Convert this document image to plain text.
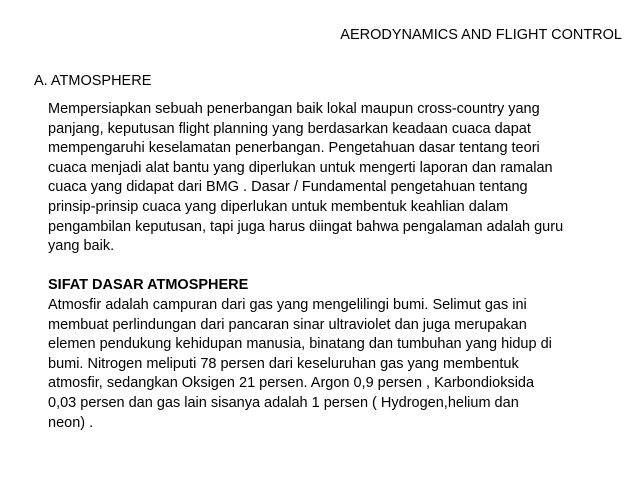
AERODYNAMICS AND FLIGHT CONTROL
A. ATMOSPHERE
Mempersiapkan sebuah penerbangan baik lokal maupun cross-country yang
panjang, keputusan flight planning yang berdasarkan keadaan cuaca dapat
mempengaruhi keselamatan penerbangan. Pengetahuan dasar tentang teori
cuaca menjadi alat bantu yang diperlukan untuk mengerti laporan dan ramalan
cuaca yang didapat dari BMG . Dasar / Fundamental pengetahuan tentang
prinsip-prinsip cuaca yang diperlukan untuk membentuk keahlian dalam
pengambilan keputusan, tapi juga harus diingat bahwa pengalaman adalah guru
yang baik.
SIFAT DASAR ATMOSPHERE
Atmosfir adalah campuran dari gas yang mengelilingi bumi. Selimut gas ini
membuat perlindungan dari pancaran sinar ultraviolet dan juga merupakan
elemen pendukung kehidupan manusia, binatang dan tumbuhan yang hidup di
bumi. Nitrogen meliputi 78 persen dari keseluruhan gas yang membentuk
atmosfir, sedangkan Oksigen 21 persen. Argon 0,9 persen , Karbondioksida
0,03 persen dan gas lain sisanya adalah 1 persen ( Hydrogen,helium dan
neon) .
